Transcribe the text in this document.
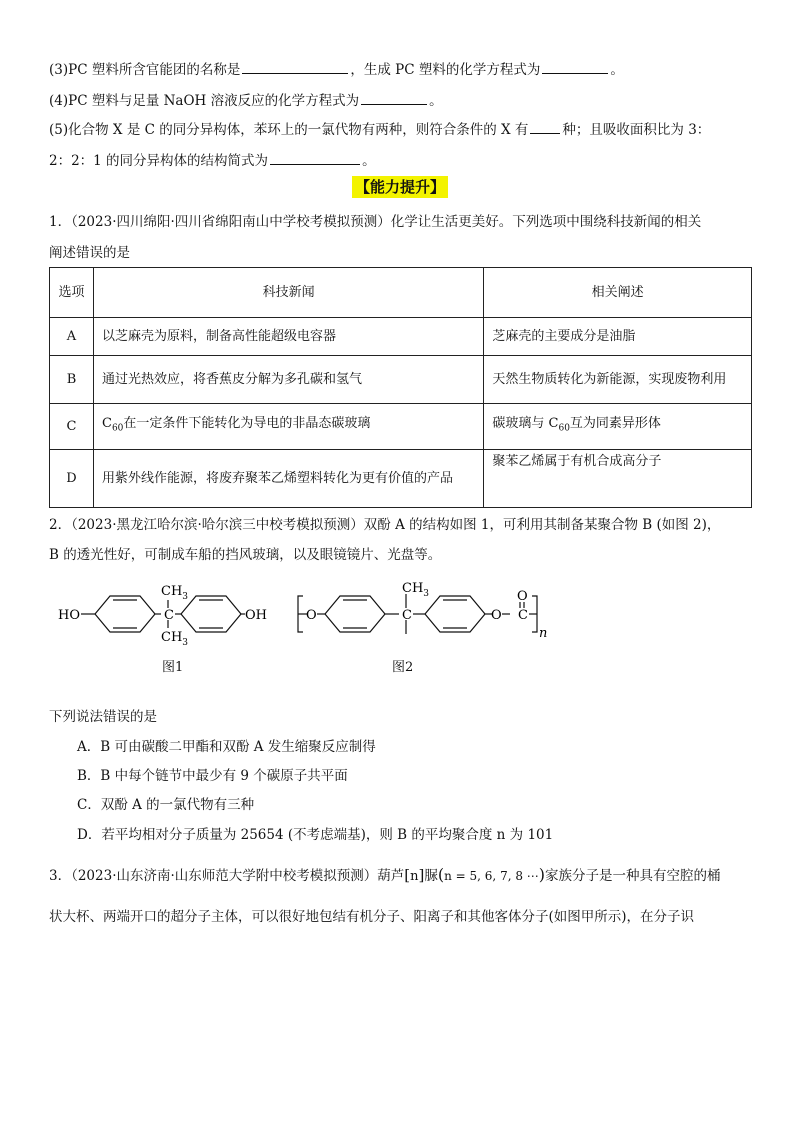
(3)PC 塑料所含官能团的名称是	，生成 PC 塑料的化学方程式为	。
(4)PC 塑料与足量 NaOH 溶液反应的化学方程式为	。
(5)化合物 X 是 C 的同分异构体，苯环上的一氯代物有两种，则符合条件的 X 有	种；且吸收面积比为 3：
2：2：1 的同分异构体的结构简式为	。
【能力提升】
1．（2023·四川绵阳·四川省绵阳南山中学校考模拟预测）化学让生活更美好。下列选项中围绕科技新闻的相关
阐述错误的是
选项	科技新闻	相关阐述
A	以芝麻壳为原料，制备高性能超级电容器	芝麻壳的主要成分是油脂
B	通过光热效应，将香蕉皮分解为多孔碳和氢气	天然生物质转化为新能源，实现废物利用
C	$C_{60}$在一定条件下能转化为导电的非晶态碳玻璃	碳玻璃与 $C_{60}$互为同素异形体
D	用紫外线作能源，将废弃聚苯乙烯塑料转化为更有价值的产品	聚苯乙烯属于有机合成高分子
2．（2023·黑龙江哈尔滨·哈尔滨三中校考模拟预测）双酚 A 的结构如图 1，可利用其制备某聚合物 B (如图 2)，
B 的透光性好，可制成车船的挡风玻璃，以及眼镜镜片、光盘等。
HO	OH
C
$CH_3$
$CH_3$
O	C
$CH_3$
O C
O
n
图1	图2
下列说法错误的是
A．B 可由碳酸二甲酯和双酚 A 发生缩聚反应制得
B．B 中每个链节中最少有 9 个碳原子共平面
C．双酚 A 的一氯代物有三种
D．若平均相对分子质量为 25654 (不考虑端基)，则 B 的平均聚合度 n 为 101
3．（2023·山东济南·山东师范大学附中校考模拟预测）葫芦[n]脲(n = 5, 6, 7, 8 ⋯)家族分子是一种具有空腔的桶
状大杯、两端开口的超分子主体，可以很好地包结有机分子、阳离子和其他客体分子(如图甲所示)，在分子识
